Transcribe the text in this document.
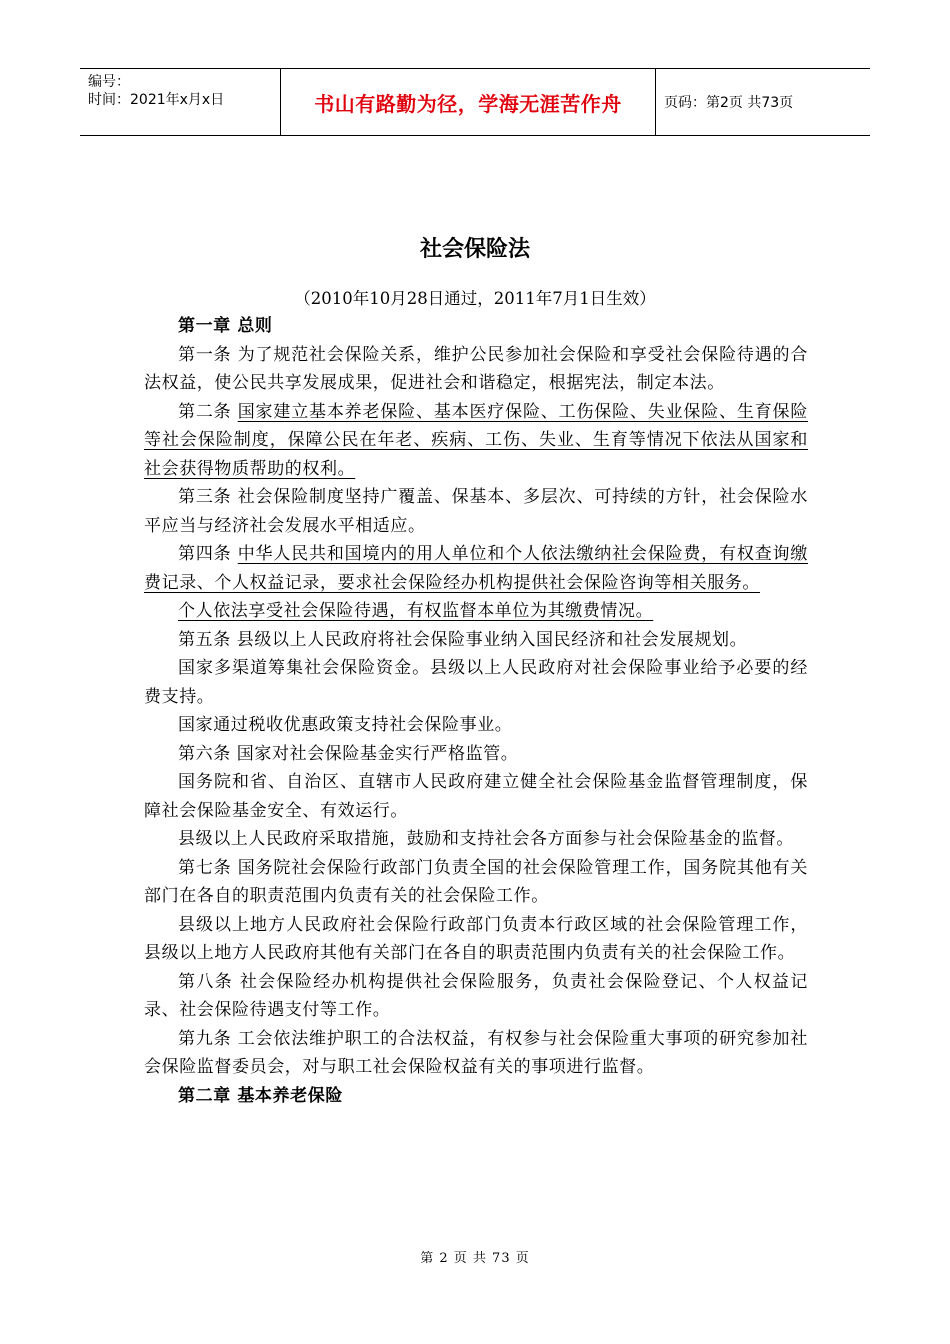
编号：
时间：2021年x月x日	书山有路勤为径，学海无涯苦作舟	页码：第2页 共73页
社会保险法
（2010年10月28日通过，2011年7月1日生效）

第一章 总则

第一条 为了规范社会保险关系，维护公民参加社会保险和享受社会保险待遇的合法权益，使公民共享发展成果，促进社会和谐稳定，根据宪法，制定本法。

第二条 国家建立基本养老保险、基本医疗保险、工伤保险、失业保险、生育保险等社会保险制度，保障公民在年老、疾病、工伤、失业、生育等情况下依法从国家和社会获得物质帮助的权利。

第三条 社会保险制度坚持广覆盖、保基本、多层次、可持续的方针，社会保险水平应当与经济社会发展水平相适应。

第四条 中华人民共和国境内的用人单位和个人依法缴纳社会保险费，有权查询缴费记录、个人权益记录，要求社会保险经办机构提供社会保险咨询等相关服务。

个人依法享受社会保险待遇，有权监督本单位为其缴费情况。

第五条 县级以上人民政府将社会保险事业纳入国民经济和社会发展规划。

国家多渠道筹集社会保险资金。县级以上人民政府对社会保险事业给予必要的经费支持。

国家通过税收优惠政策支持社会保险事业。

第六条 国家对社会保险基金实行严格监管。

国务院和省、自治区、直辖市人民政府建立健全社会保险基金监督管理制度，保障社会保险基金安全、有效运行。

县级以上人民政府采取措施，鼓励和支持社会各方面参与社会保险基金的监督。

第七条 国务院社会保险行政部门负责全国的社会保险管理工作，国务院其他有关部门在各自的职责范围内负责有关的社会保险工作。

县级以上地方人民政府社会保险行政部门负责本行政区域的社会保险管理工作，县级以上地方人民政府其他有关部门在各自的职责范围内负责有关的社会保险工作。

第八条 社会保险经办机构提供社会保险服务，负责社会保险登记、个人权益记录、社会保险待遇支付等工作。

第九条 工会依法维护职工的合法权益，有权参与社会保险重大事项的研究参加社会保险监督委员会，对与职工社会保险权益有关的事项进行监督。

第二章 基本养老保险

第 2 页 共 73 页
